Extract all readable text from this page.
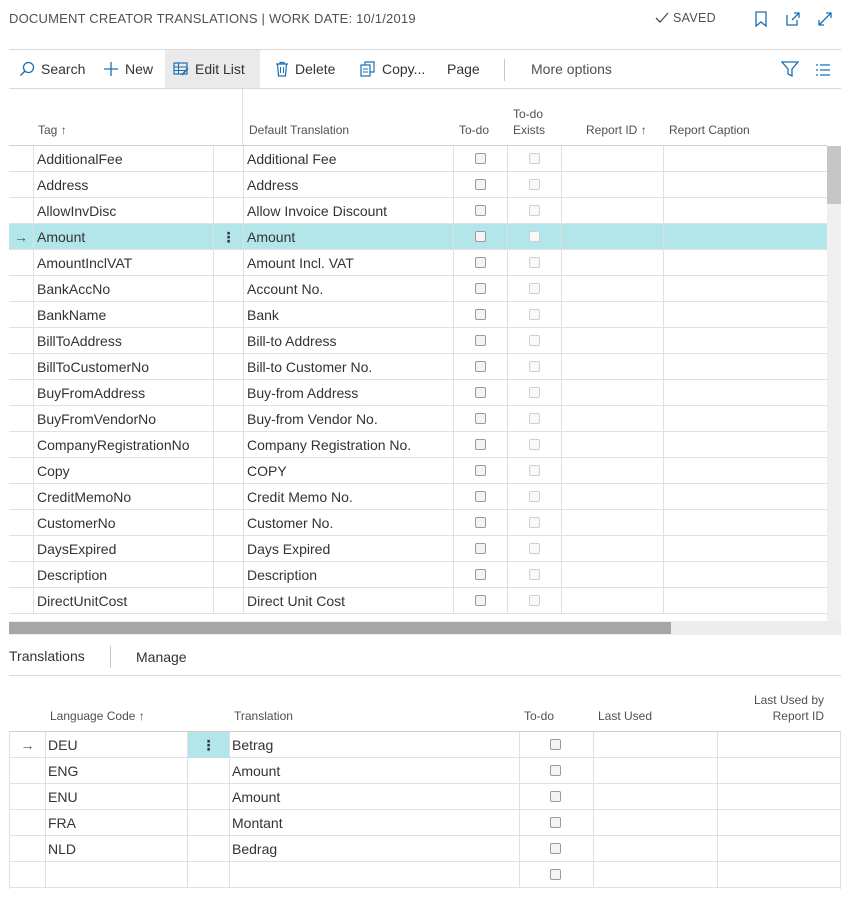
DOCUMENT CREATOR TRANSLATIONS | WORK DATE: 10/1/2019	SAVED
Search	New	Edit List	Delete	Copy... Page	More options
Tag ↑	Default Translation	To-do
To-do
Exists	Report ID ↑ Report Caption
AdditionalFee	Additional Fee
Address	Address
AllowInvDisc	Allow Invoice Discount
→ Amount	⋮ Amount
AmountInclVAT	Amount Incl. VAT
BankAccNo	Account No.
BankName	Bank
BillToAddress	Bill-to Address
BillToCustomerNo	Bill-to Customer No.
BuyFromAddress	Buy-from Address
BuyFromVendorNo	Buy-from Vendor No.
CompanyRegistrationNo	Company Registration No.
Copy	COPY
CreditMemoNo	Credit Memo No.
CustomerNo	Customer No.
DaysExpired	Days Expired
Description	Description
DirectUnitCost	Direct Unit Cost
Translations	Manage
Language Code ↑	Translation	To-do	Last Used
Last Used by
Report ID
→ DEU	⋮	Betrag
ENG	Amount
ENU	Amount
FRA	Montant
NLD	Bedrag
